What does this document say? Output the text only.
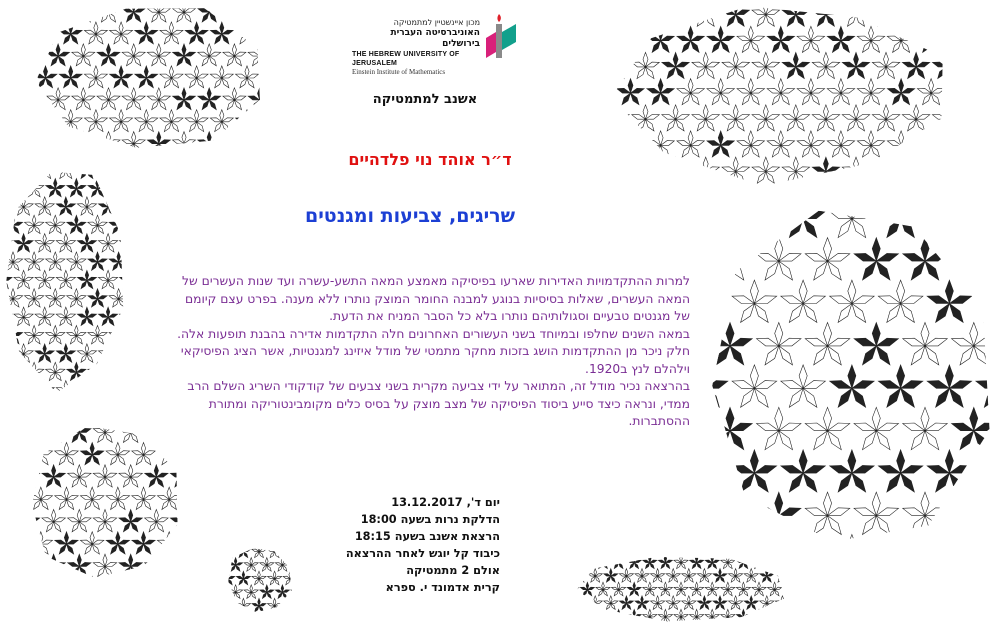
מכון איינשטיין למתמטיקה
האוניברסיטה העברית בירושלים
THE HEBREW UNIVERSITY OF JERUSALEM
Einstein Institute of Mathematics
אשנב למתמטיקה
ד״ר אוהד נוי פלדהיים
שריגים, צביעות ומגנטים

למרות ההתקדמויות האדירות שארעו בפיסיקה מאמצע המאה התשע-עשרה ועד שנות העשרים של המאה העשרים, שאלות בסיסיות בנוגע למבנה החומר המוצק נותרו ללא מענה. בפרט עצם קיומם של מגנטים טבעיים וסגולותיהם נותרו בלא כל הסבר המניח את הדעת.

במאה השנים שחלפו ובמיוחד בשני העשורים האחרונים חלה התקדמות אדירה בהבנת תופעות אלה. חלק ניכר מן ההתקדמות הושג בזכות מחקר מתמטי של מודל איזינג למגנטיות, אשר הציג הפיסיקאי וילהלם לנץ ב1920.

בהרצאה נכיר מודל זה, המתואר על ידי צביעה מקרית בשני צבעים של קודקודי השריג השלם הרב ממדי, ונראה כיצד סייע ביסוד הפיסיקה של מצב מוצק על בסיס כלים מקומבינטוריקה ומתורת ההסתברות.

יום ד', 13.12.2017
הדלקת נרות בשעה 18:00
הרצאת אשנב בשעה 18:15
כיבוד קל יוגש לאחר ההרצאה
אולם 2 מתמטיקה
קרית אדמונד י. ספרא
